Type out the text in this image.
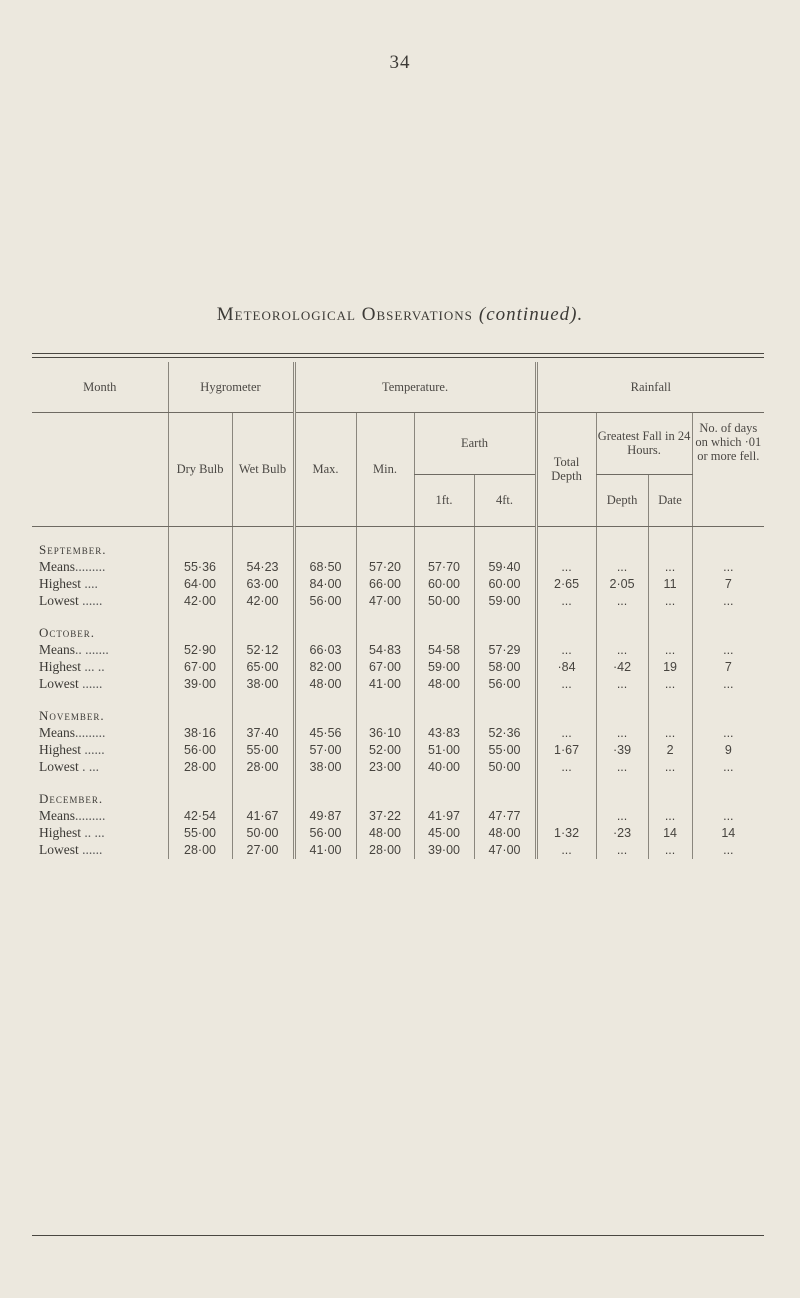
34
Meteorological Observations (continued).
Month	Hygrometer		Temperature.				Rainfall			
	Dry Bulb	Wet Bulb	Max.	Min.	Earth		Total Depth	Greatest Fall in 24 Hours.		No. of days on which ·01 or more fell.
					1ft.	4ft.		Depth	Date	
September.										
Means.........	55·36	54·23	68·50	57·20	57·70	59·40	...	...	...	...
Highest ....	64·00	63·00	84·00	66·00	60·00	60·00	2·65	2·05	11	7
Lowest ......	42·00	42·00	56·00	47·00	50·00	59·00	...	...	...	...
October.										
Means.. .......	52·90	52·12	66·03	54·83	54·58	57·29	...	...	...	...
Highest ... ..	67·00	65·00	82·00	67·00	59·00	58·00	·84	·42	19	7
Lowest ......	39·00	38·00	48·00	41·00	48·00	56·00	...	...	...	...
November.										
Means.........	38·16	37·40	45·56	36·10	43·83	52·36	...	...	...	...
Highest ......	56·00	55·00	57·00	52·00	51·00	55·00	1·67	·39	2	9
Lowest . ...	28·00	28·00	38·00	23·00	40·00	50·00	...	...	...	...
December.										
Means.........	42·54	41·67	49·87	37·22	41·97	47·77		...	...	...
Highest .. ...	55·00	50·00	56·00	48·00	45·00	48·00	1·32	·23	14	14
Lowest ......	28·00	27·00	41·00	28·00	39·00	47·00	...	...	...	...
